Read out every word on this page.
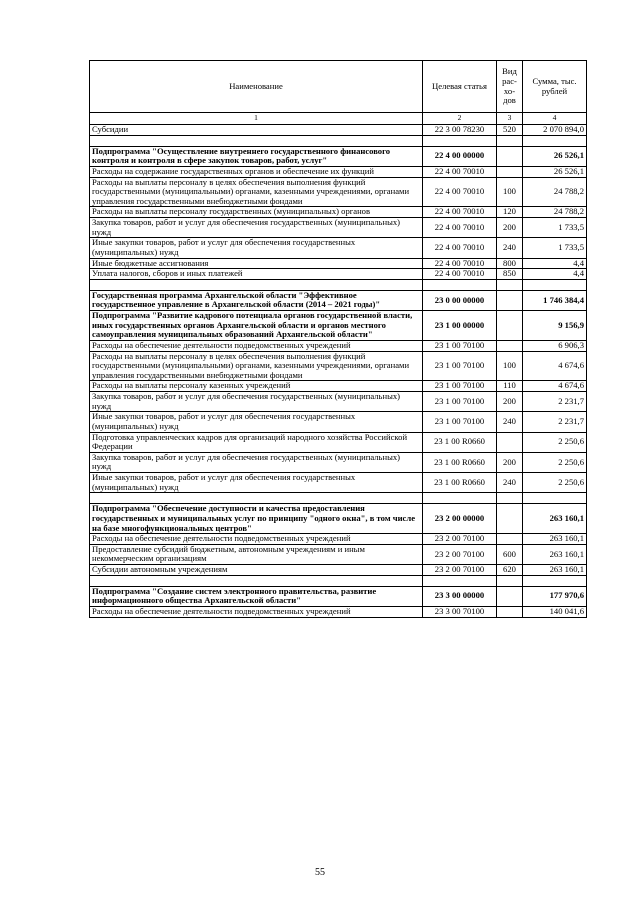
Наименование	Целевая статья	Вид рас- хо- дов	Сумма, тыс. рублей
1	2	3	4
Субсидии	22 3 00 78230	520	2 070 894,0

Подпрограмма "Осуществление внутреннего государственного финансового контроля и контроля в сфере закупок товаров, работ, услуг"	22 4 00 00000		26 526,1
Расходы на содержание государственных органов и обеспечение их функций	22 4 00 70010		26 526,1
Расходы на выплаты персоналу в целях обеспечения выполнения функций государственными (муниципальными) органами, казенными учреждениями, органами управления государственными внебюджетными фондами	22 4 00 70010	100	24 788,2
Расходы на выплаты персоналу государственных (муниципальных) органов	22 4 00 70010	120	24 788,2
Закупка товаров, работ и услуг для обеспечения государственных (муниципальных) нужд	22 4 00 70010	200	1 733,5
Иные закупки товаров, работ и услуг для обеспечения государственных (муниципальных) нужд	22 4 00 70010	240	1 733,5
Иные бюджетные ассигнования	22 4 00 70010	800	4,4
Уплата налогов, сборов и иных платежей	22 4 00 70010	850	4,4

Государственная программа Архангельской области "Эффективное государственное управление в Архангельской области (2014 – 2021 годы)"	23 0 00 00000		1 746 384,4
Подпрограмма "Развитие кадрового потенциала органов государственной власти, иных государственных органов Архангельской области и органов местного самоуправления муниципальных образований Архангельской области"	23 1 00 00000		9 156,9
Расходы на обеспечение деятельности подведомственных учреждений	23 1 00 70100		6 906,3
Расходы на выплаты персоналу в целях обеспечения выполнения функций государственными (муниципальными) органами, казенными учреждениями, органами управления государственными внебюджетными фондами	23 1 00 70100	100	4 674,6
Расходы на выплаты персоналу казенных учреждений	23 1 00 70100	110	4 674,6
Закупка товаров, работ и услуг для обеспечения государственных (муниципальных) нужд	23 1 00 70100	200	2 231,7
Иные закупки товаров, работ и услуг для обеспечения государственных (муниципальных) нужд	23 1 00 70100	240	2 231,7
Подготовка управленческих кадров для организаций народного хозяйства Российской Федерации	23 1 00 R0660		2 250,6
Закупка товаров, работ и услуг для обеспечения государственных (муниципальных) нужд	23 1 00 R0660	200	2 250,6
Иные закупки товаров, работ и услуг для обеспечения государственных (муниципальных) нужд	23 1 00 R0660	240	2 250,6

Подпрограмма "Обеспечение доступности и качества предоставления государственных и муниципальных услуг по принципу "одного окна", в том числе на базе многофункциональных центров"	23 2 00 00000		263 160,1
Расходы на обеспечение деятельности подведомственных учреждений	23 2 00 70100		263 160,1
Предоставление субсидий бюджетным, автономным учреждениям и иным некоммерческим организациям	23 2 00 70100	600	263 160,1
Субсидии автономным учреждениям	23 2 00 70100	620	263 160,1

Подпрограмма "Создание систем электронного правительства, развитие информационного общества Архангельской области"	23 3 00 00000		177 970,6
Расходы на обеспечение деятельности подведомственных учреждений	23 3 00 70100		140 041,6
55
